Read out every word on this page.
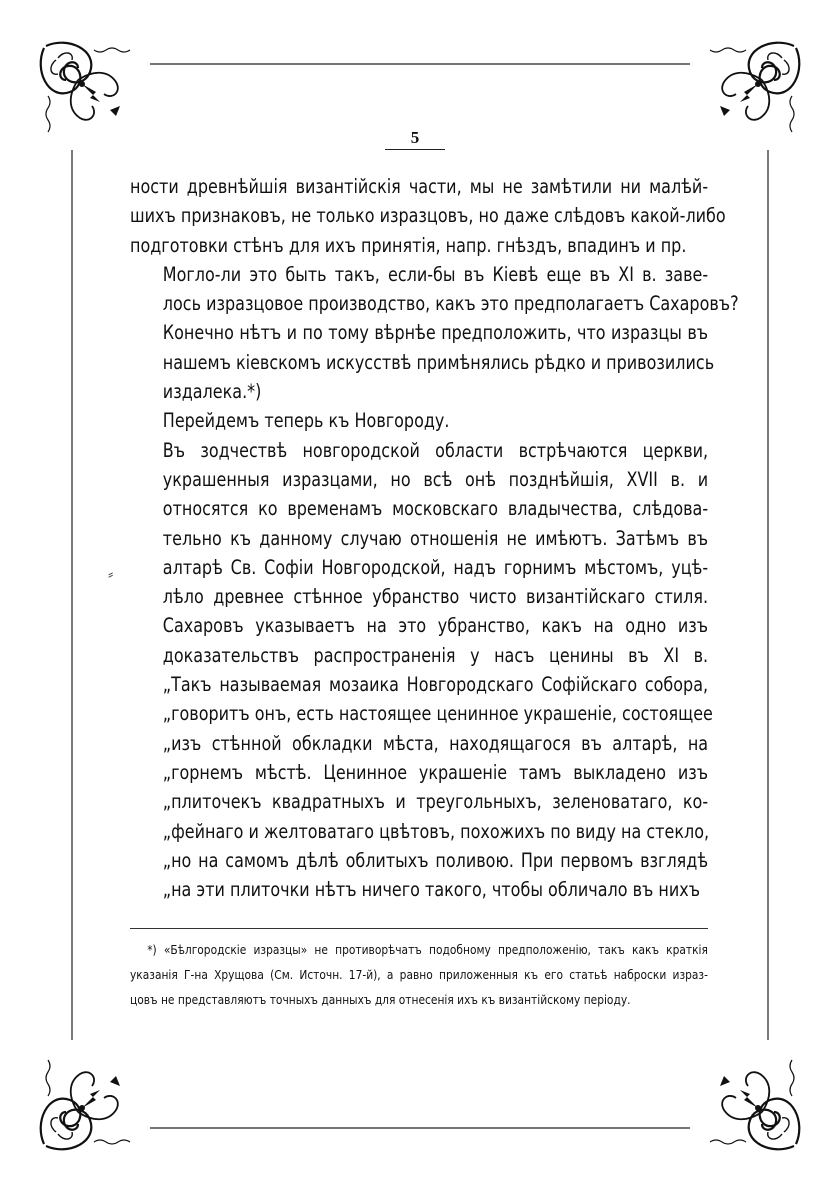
5
⸗

ности древнѣйшія византійскія части, мы не замѣтили ни малѣй-
шихъ признаковъ, не только изразцовъ, но даже слѣдовъ какой-либо
подготовки стѣнъ для ихъ принятія, напр. гнѣздъ, впадинъ и пр.

Могло-ли это быть такъ, если-бы въ Кіевѣ еще въ XI в. заве-
лось изразцовое производство, какъ это предполагаетъ Сахаровъ?
Конечно нѣтъ и по тому вѣрнѣе предположить, что изразцы въ
нашемъ кіевскомъ искусствѣ примѣнялись рѣдко и привозились
издалека.*)

Перейдемъ теперь къ Новгороду.

Въ зодчествѣ новгородской области встрѣчаются церкви,
украшенныя изразцами, но всѣ онѣ позднѣйшія, XVII в. и
относятся ко временамъ московскаго владычества, слѣдова-
тельно къ данному случаю отношенія не имѣютъ. Затѣмъ въ
алтарѣ Св. Софіи Новгородской, надъ горнимъ мѣстомъ, уцѣ-
лѣло древнее стѣнное убранство чисто византійскаго стиля.
Сахаровъ указываетъ на это убранство, какъ на одно изъ
доказательствъ распространенія у насъ ценины въ XI в.
„Такъ называемая мозаика Новгородскаго Софійскаго собора,
„говоритъ онъ, есть настоящее ценинное украшеніе, состоящее
„изъ стѣнной обкладки мѣста, находящагося въ алтарѣ, на
„горнемъ мѣстѣ. Ценинное украшеніе тамъ выкладено изъ
„плиточекъ квадратныхъ и треугольныхъ, зеленоватаго, ко-
„фейнаго и желтоватаго цвѣтовъ, похожихъ по виду на стекло,
„но на самомъ дѣлѣ облитыхъ поливою. При первомъ взглядѣ
„на эти плиточки нѣтъ ничего такого, чтобы обличало въ нихъ

*) «Бѣлгородскіе изразцы» не противорѣчатъ подобному предположенію, такъ какъ краткія
указанія Г-на Хрущова (См. Источн. 17-й), а равно приложенныя къ его статьѣ наброски израз-
цовъ не представляютъ точныхъ данныхъ для отнесенія ихъ къ византійскому періоду.
